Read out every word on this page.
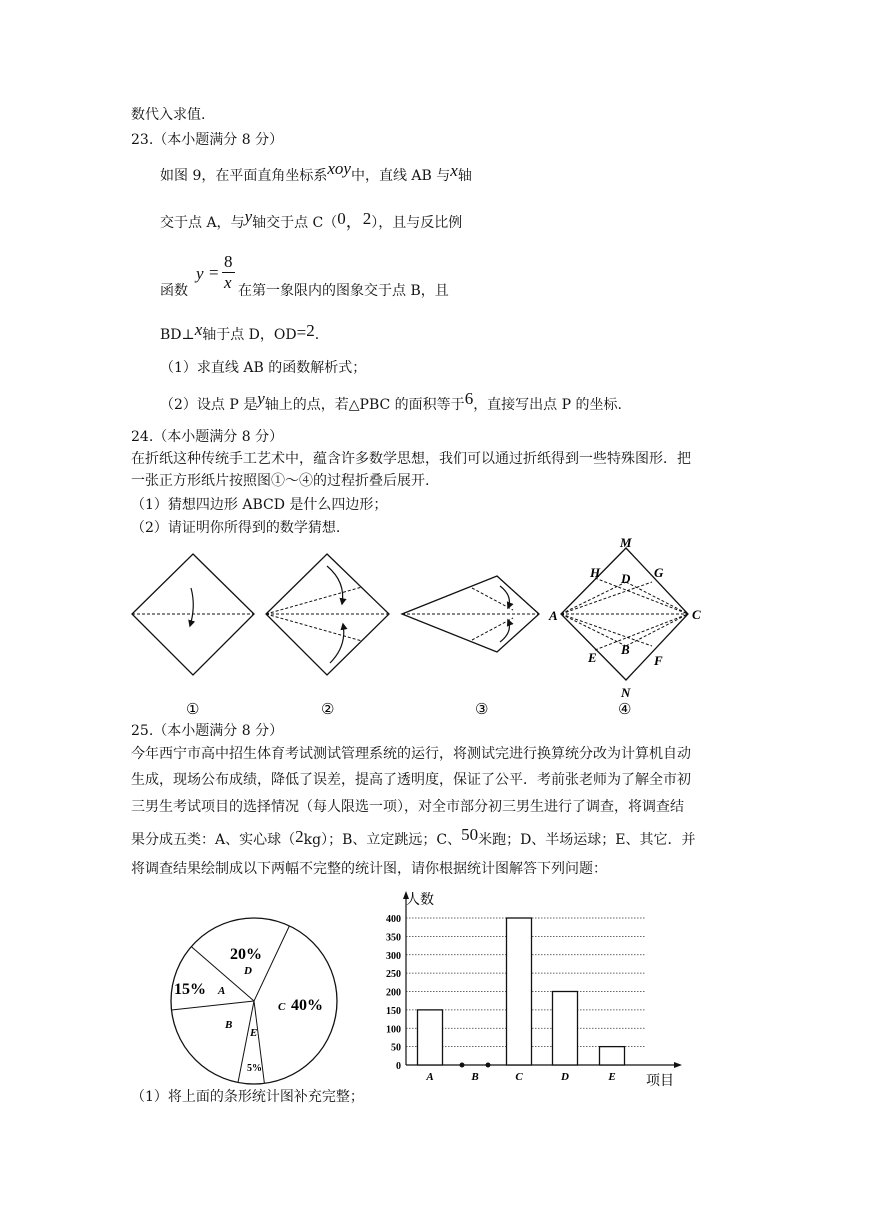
数代入求值.
23.（本小题满分 8 分）
如图 9，在平面直角坐标系xoy中，直线 AB 与x轴
交于点 A，与y轴交于点 C（0，2），且与反比例
y =
8
x
函数	在第一象限内的图象交于点 B，且
BD⊥x轴于点 D，OD=2.
（1）求直线 AB 的函数解析式；
（2）设点 P 是y轴上的点，若△PBC 的面积等于6，直接写出点 P 的坐标.
24.（本小题满分 8 分）
在折纸这种传统手工艺术中，蕴含许多数学思想，我们可以通过折纸得到一些特殊图形．把
一张正方形纸片按照图①～④的过程折叠后展开.
（1）猜想四边形 ABCD 是什么四边形；
（2）请证明你所得到的数学猜想.
M
H D G
A	C
B
E	F
N
①	②	③	④
25.（本小题满分 8 分）
今年西宁市高中招生体育考试测试管理系统的运行，将测试完进行换算统分改为计算机自动
生成，现场公布成绩，降低了误差，提高了透明度，保证了公平．考前张老师为了解全市初
三男生考试项目的选择情况（每人限选一项），对全市部分初三男生进行了调查，将调查结
果分成五类：A、实心球（2kg）；B、立定跳远；C、50米跑；D、半场运球；E、其它．并
将调查结果绘制成以下两幅不完整的统计图，请你根据统计图解答下列问题：
20%
D
15% A
C 40%
B
E
5%	0
50
100
150
200
250
300
350
400
A	B	C	D	E
人数
项目
（1）将上面的条形统计图补充完整；
